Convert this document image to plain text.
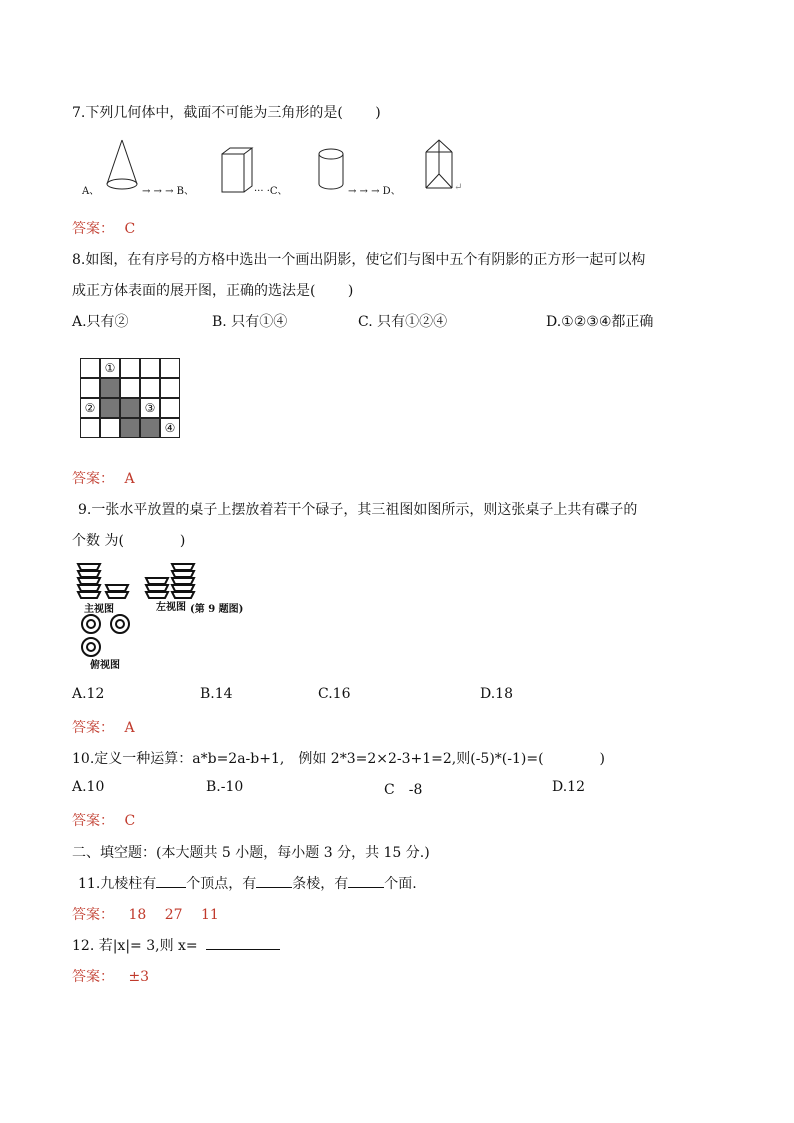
7.下列几何体中，截面不可能为三角形的是(　　 )
A、	→ → → B、	··· ·C、	→ → → D、	↵
答案： C
8.如图，在有序号的方格中选出一个画出阴影，使它们与图中五个有阴影的正方形一起可以构
成正方体表面的展开图，正确的选法是(　　 )
A.只有②	B. 只有①④	C. 只有①②④	D.①②③④都正确
①
②	③
④
答案： A
9.一张水平放置的桌子上摆放着若干个碌子，其三祖图如图所示，则这张桌子上共有碟子的
个数 为(　　　　)
主视图	左视图 (第 9 题图)
俯视图
A.12	B.14	C.16	D.18
答案： A
10.定义一种运算：a*b=2a-b+1,　例如 2*3=2×2-3+1=2,则(-5)*(-1)=(　　　　)
A.10	B.-10	C　-8	D.12
答案： C
二、填空题：(本大题共 5 小题，每小题 3 分，共 15 分.)
11.九棱柱有 个顶点，有	条棱，有	个面.
答案： 18　 27　 11
12. 若|x|= 3,则 x=
答案： ±3
